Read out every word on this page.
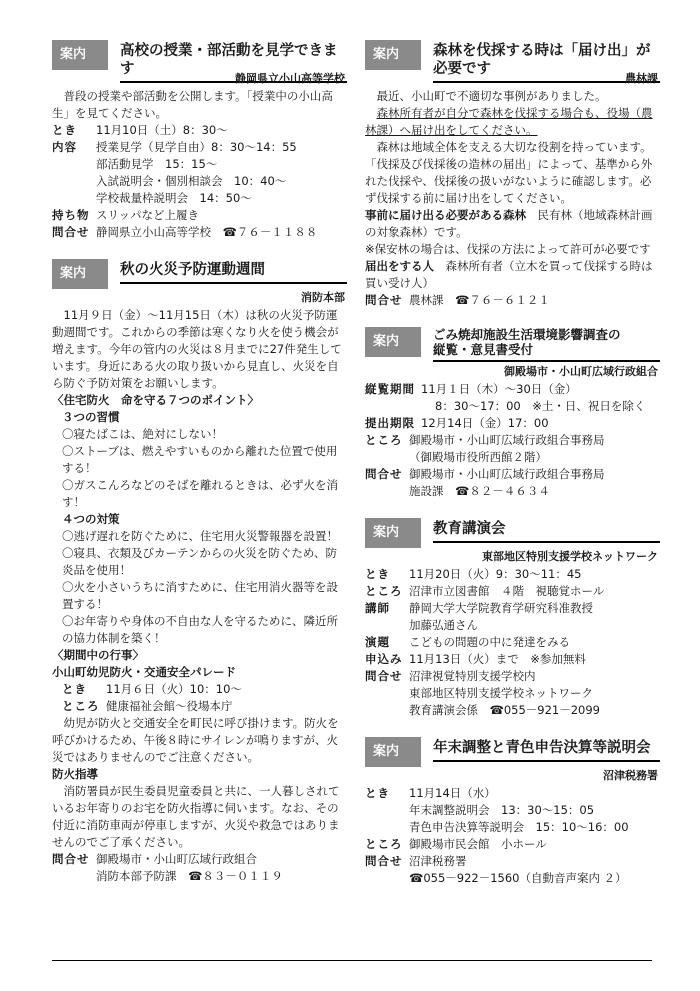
案内	高校の授業・部活動を見学できます
静岡県立小山高等学校

普段の授業や部活動を公開します。「授業中の小山高生」を見てください。

とき	11月10日（土）8：30～
内容	授業見学（見学自由）8：30～14：55
部活動見学　15：15～
入試説明会・個別相談会　10：40～
学校裁量枠説明会　14：50～
持ち物 スリッパなど上履き
問合せ 静岡県立小山高等学校　☎７６－１１８８
案内	秋の火災予防運動週間
消防本部

11月９日（金）～11月15日（木）は秋の火災予防運動週間です。これからの季節は寒くなり火を使う機会が増えます。今年の管内の火災は８月までに27件発生しています。身近にある火の取り扱いから見直し、火災を自ら防ぐ予防対策をお願いします。

〈住宅防火　命を守る７つのポイント〉
３つの習慣
〇寝たばこは、絶対にしない！
〇ストーブは、燃えやすいものから離れた位置で使用する！
〇ガスこんろなどのそばを離れるときは、必ず火を消す！
４つの対策
〇逃げ遅れを防ぐために、住宅用火災警報器を設置！
〇寝具、衣類及びカーテンからの火災を防ぐため、防炎品を使用！
〇火を小さいうちに消すために、住宅用消火器等を設置する！
〇お年寄りや身体の不自由な人を守るために、隣近所の協力体制を築く！
〈期間中の行事〉
小山町幼児防火・交通安全パレード
とき	11月６日（火）10：10～
ところ 健康福祉会館～役場本庁

幼児が防火と交通安全を町民に呼び掛けます。防火を呼びかけるため、午後８時にサイレンが鳴りますが、火災ではありませんのでご注意ください。

防火指導

消防署員が民生委員児童委員と共に、一人暮しされているお年寄りのお宅を防火指導に伺います。なお、その付近に消防車両が停車しますが、火災や救急ではありませんのでご了承ください。

問合せ 御殿場市・小山町広域行政組合
消防本部予防課　☎８３－０１１９
案内	森林を伐採する時は「届け出」が必要です
農林課

最近、小山町で不適切な事例がありました。

森林所有者が自分で森林を伐採する場合も、役場（農林課）へ届け出をしてください。

森林は地域全体を支える大切な役割を持っています。「伐採及び伐採後の造林の届出」によって、基準から外れた伐採や、伐採後の扱いがないように確認します。必ず伐採する前に届け出をしてください。

事前に届け出る必要がある森林　 民有林（地域森林計画の対象森林）です。
※保安林の場合は、伐採の方法によって許可が必要です
届出をする人　 森林所有者（立木を買って伐採する時は買い受け人）
問合せ 農林課　☎７６－６１２１
案内	ごみ焼却施設生活環境影響調査の
縦覧・意見書受付
御殿場市・小山町広域行政組合
縦覧期間 11月１日（木）～30日（金）
8：30～17：00　※土・日、祝日を除く
提出期限 12月14日（金）17：00
ところ 御殿場市・小山町広域行政組合事務局
（御殿場市役所西館２階）
問合せ 御殿場市・小山町広域行政組合事務局
施設課　☎８２－４６３４
案内	教育講演会
東部地区特別支援学校ネットワーク
とき	11月20日（火）9：30～11：45
ところ 沼津市立図書館　４階　視聴覚ホール
講師	静岡大学大学院教育学研究科准教授
加藤弘通さん
演題	こどもの問題の中に発達をみる
申込み 11月13日（火）まで　※参加無料
問合せ 沼津視覚特別支援学校内
東部地区特別支援学校ネットワーク
教育講演会係　☎055－921－2099
案内	年末調整と青色申告決算等説明会
沼津税務署
とき	11月14日（水）
年末調整説明会　13：30～15：05
青色申告決算等説明会　15：10～16：00
ところ 御殿場市民会館　小ホール
問合せ 沼津税務署
☎055－922－1560（自動音声案内 ２）
